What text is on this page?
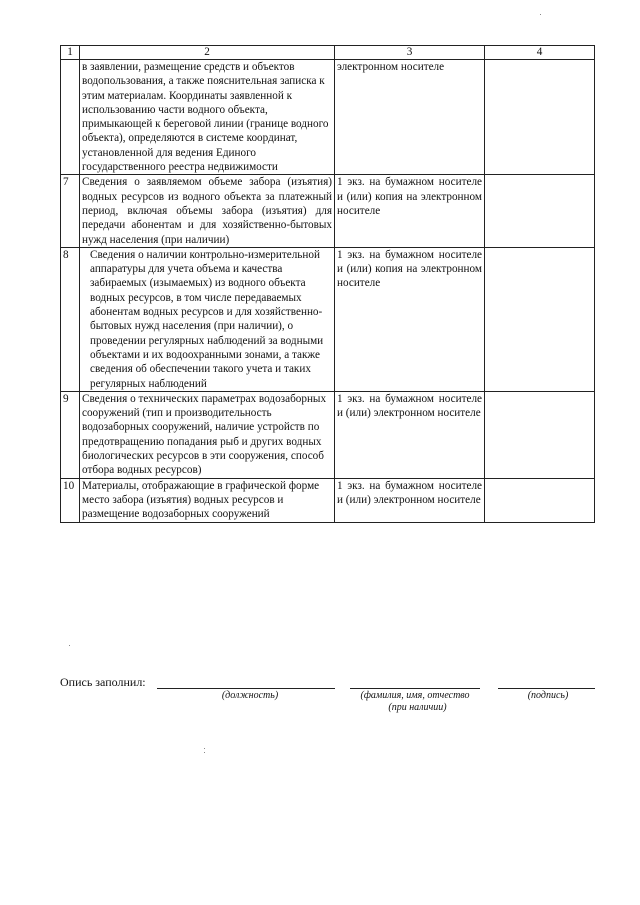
1	2	3	4
	в заявлении, размещение средств и объектов водопользования, а также пояснительная записка к этим материалам. Координаты заявленной к использованию части водного объекта, примыкающей к береговой линии (границе водного объекта), определяются в системе координат, установленной для ведения Единого государственного реестра недвижимости	электронном носителе	
7	Сведения о заявляемом объеме забора (изъятия) водных ресурсов из водного объекта за платежный период, включая объемы забора (изъятия) для передачи абонентам и для хозяйственно-бытовых нужд населения (при наличии)	1 экз. на бумажном носителе и (или) копия на электронном носителе	
8	Сведения о наличии контрольно-измерительной аппаратуры для учета объема и качества забираемых (изымаемых) из водного объекта водных ресурсов, в том числе передаваемых абонентам водных ресурсов и для хозяйственно-бытовых нужд населения (при наличии), о проведении регулярных наблюдений за водными объектами и их водоохранными зонами, а также сведения об обеспечении такого учета и таких регулярных наблюдений	1 экз. на бумажном носителе и (или) копия на электронном носителе	
9	Сведения о технических параметрах водозаборных сооружений (тип и производительность водозаборных сооружений, наличие устройств по предотвращению попадания рыб и других водных биологических ресурсов в эти сооружения, способ отбора водных ресурсов)	1 экз. на бумажном носителе и (или) электронном носителе	
10	Материалы, отображающие в графической форме место забора (изъятия) водных ресурсов и размещение водозаборных сооружений	1 экз. на бумажном носителе и (или) электронном носителе	
Опись заполнил:
(должность)	(фамилия, имя, отчество
(при наличии)
(подпись)
